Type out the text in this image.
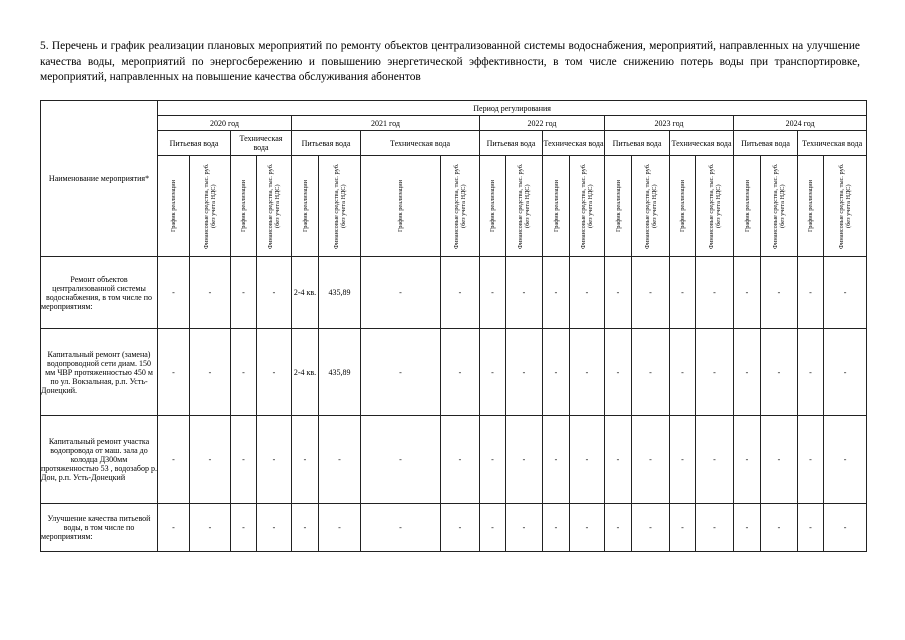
5. Перечень и график реализации плановых мероприятий по ремонту объектов централизованной системы водоснабжения, мероприятий, направленных на улучшение качества воды, мероприятий по энергосбережению и повышению энергетической эффективности, в том числе снижению потерь воды при транспортировке, мероприятий, направленных на повышение качества обслуживания абонентов
Наименование мероприятия*	Период регулирования																			
	2020 год				2021 год				2022 год				2023 год				2024 год			
	Питьевая вода		Техническая вода		Питьевая вода		Техническая вода		Питьевая вода		Техническая вода		Питьевая вода		Техническая вода		Питьевая вода		Техническая вода	

	График реализации	Финансовые средства, тыс. руб. (без учета НДС)	График реализации	Финансовые средства, тыс. руб. (без учета НДС)	График реализации	Финансовые средства, тыс. руб. (без учета НДС)	График реализации	Финансовые средства, тыс. руб. (без учета НДС)	График реализации	Финансовые средства, тыс. руб. (без учета НДС)	График реализации	Финансовые средства, тыс. руб. (без учета НДС)	График реализации	Финансовые средства, тыс. руб. (без учета НДС)	График реализации	Финансовые средства, тыс. руб. (без учета НДС)	График реализации	Финансовые средства, тыс. руб. (без учета НДС)	График реализации	Финансовые средства, тыс. руб. (без учета НДС)

Ремонт объектов централизованной системы водоснабжения, в том числе по мероприятиям:	-	-	-	-	2-4 кв.	435,89	-	-	-	-	-	-	-	-	-	-	-	-	-	-
Капитальный ремонт (замена) водопроводной сети диам. 150 мм ЧВР протяженностью 450 м по ул. Вокзальная, р.п. Усть-Донецкий.	-	-	-	-	2-4 кв.	435,89	-	-	-	-	-	-	-	-	-	-	-	-	-	-
Капитальный ремонт участка водопровода от маш. зала до колодца Д300мм протяженностью 53 , водозабор р. Дон, р.п. Усть-Донецкий	-	-	-	-	-	-	-	-	-	-	-	-	-	-	-	-	-	-	-	-
Улучшение качества питьевой воды, в том числе по мероприятиям:	-	-	-	-	-	-	-	-	-	-	-	-	-	-	-	-	-	-	-	-
